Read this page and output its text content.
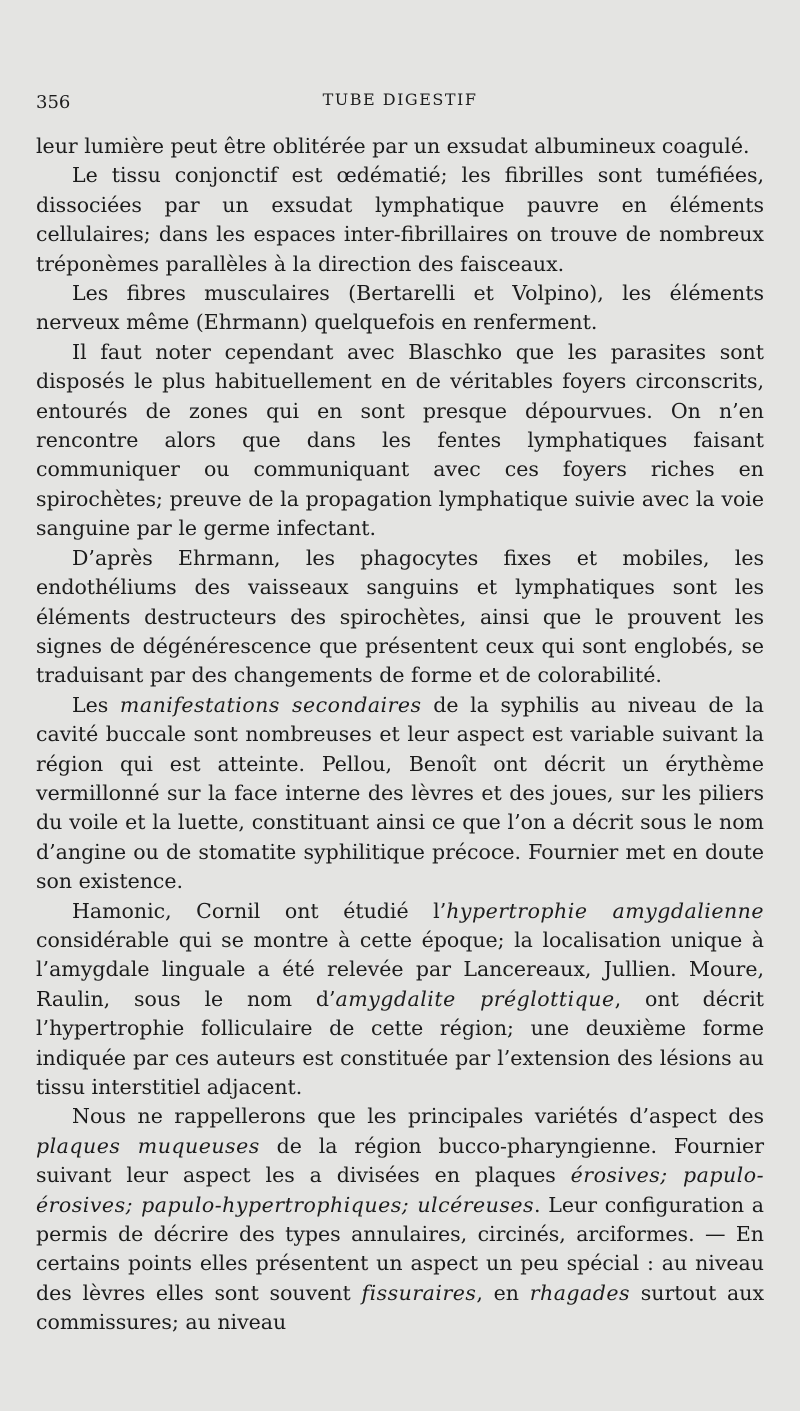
356	TUBE DIGESTIF

leur lumière peut être oblitérée par un exsudat albumineux coagulé.

Le tissu conjonctif est œdématié; les fibrilles sont tuméfiées, dissociées par un exsudat lymphatique pauvre en éléments cellulaires; dans les espaces inter-fibrillaires on trouve de nombreux tréponèmes parallèles à la direction des faisceaux.

Les fibres musculaires (Bertarelli et Volpino), les éléments nerveux même (Ehrmann) quelquefois en renferment.

Il faut noter cependant avec Blaschko que les parasites sont disposés le plus habituellement en de véritables foyers circonscrits, entourés de zones qui en sont presque dépourvues. On n’en rencontre alors que dans les fentes lymphatiques faisant communiquer ou communiquant avec ces foyers riches en spirochètes; preuve de la propagation lymphatique suivie avec la voie sanguine par le germe infectant.

D’après Ehrmann, les phagocytes fixes et mobiles, les endothéliums des vaisseaux sanguins et lymphatiques sont les éléments destructeurs des spirochètes, ainsi que le prouvent les signes de dégénérescence que présentent ceux qui sont englobés, se traduisant par des changements de forme et de colorabilité.

Les manifestations secondaires de la syphilis au niveau de la cavité buccale sont nombreuses et leur aspect est variable suivant la région qui est atteinte. Pellou, Benoît ont décrit un érythème vermillonné sur la face interne des lèvres et des joues, sur les piliers du voile et la luette, constituant ainsi ce que l’on a décrit sous le nom d’angine ou de stomatite syphilitique précoce. Fournier met en doute son existence.

Hamonic, Cornil ont étudié l’hypertrophie amygdalienne considérable qui se montre à cette époque; la localisation unique à l’amygdale linguale a été relevée par Lancereaux, Jullien. Moure, Raulin, sous le nom d’amygdalite préglottique, ont décrit l’hypertrophie folliculaire de cette région; une deuxième forme indiquée par ces auteurs est constituée par l’extension des lésions au tissu interstitiel adjacent.

Nous ne rappellerons que les principales variétés d’aspect des plaques muqueuses de la région bucco-pharyngienne. Fournier suivant leur aspect les a divisées en plaques érosives; papulo-érosives; papulo-hypertrophiques; ulcéreuses. Leur configuration a permis de décrire des types annulaires, circinés, arciformes. — En certains points elles présentent un aspect un peu spécial : au niveau des lèvres elles sont souvent fissuraires, en rhagades surtout aux commissures; au niveau
